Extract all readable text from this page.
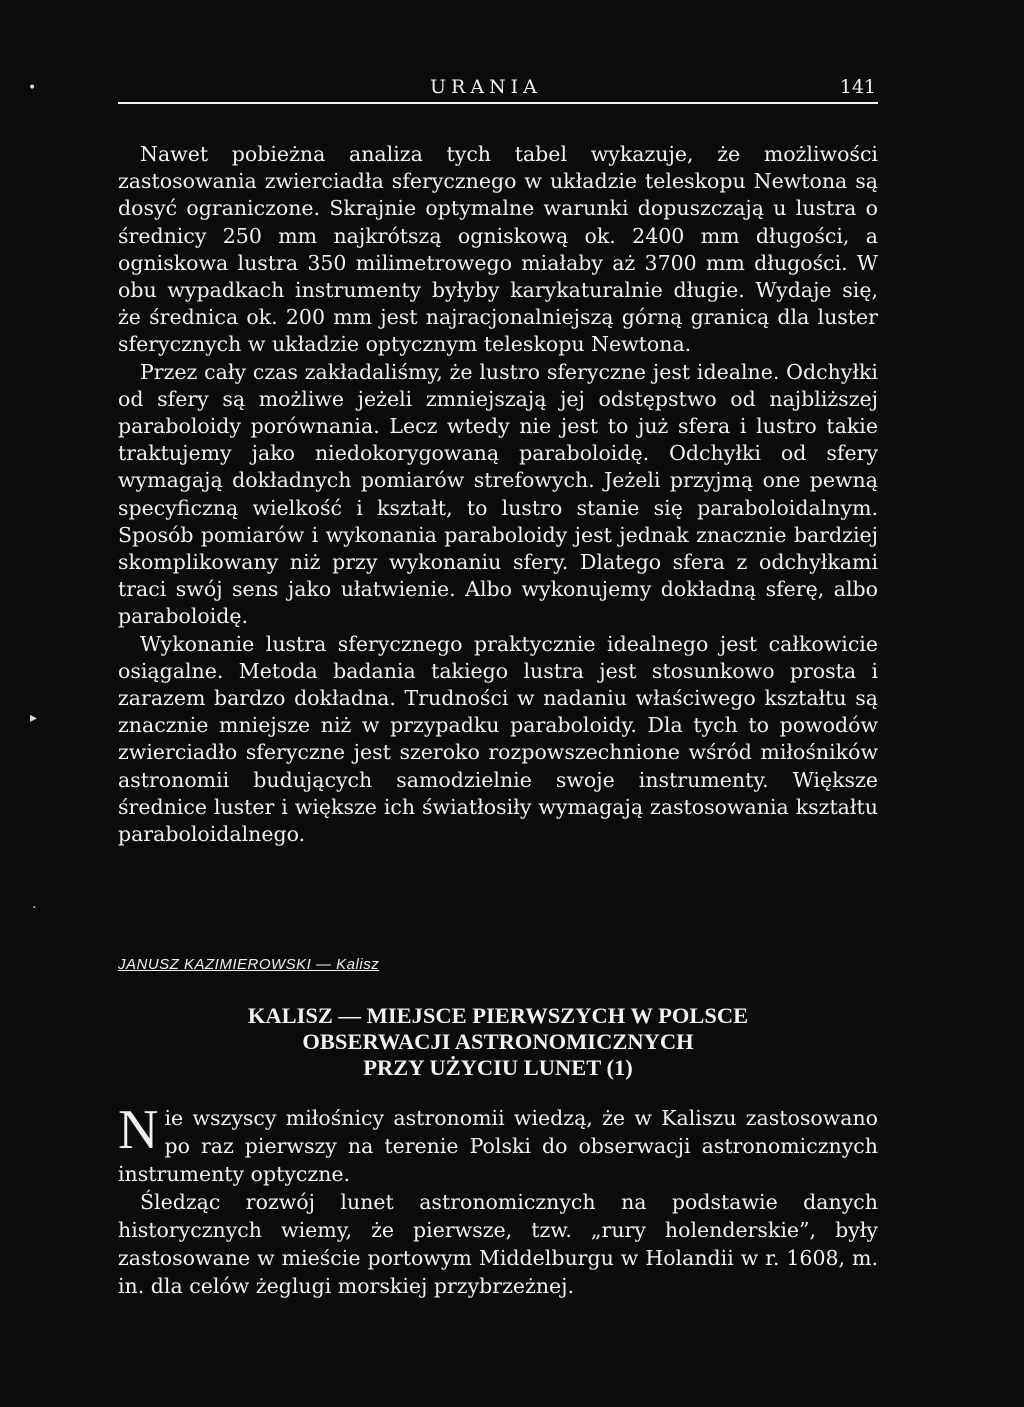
URANIA	141

Nawet pobieżna analiza tych tabel wykazuje, że możliwości zastosowania zwierciadła sferycznego w układzie teleskopu Newtona są dosyć ograniczone. Skrajnie optymalne warunki dopuszczają u lustra o średnicy 250 mm najkrótszą ogniskową ok. 2400 mm długości, a ogniskowa lustra 350 milimetrowego miałaby aż 3700 mm długości. W obu wypadkach instrumenty byłyby karykaturalnie długie. Wydaje się, że średnica ok. 200 mm jest najracjonalniejszą górną granicą dla luster sferycznych w układzie optycznym teleskopu Newtona.

Przez cały czas zakładaliśmy, że lustro sferyczne jest idealne. Odchyłki od sfery są możliwe jeżeli zmniejszają jej odstępstwo od najbliższej paraboloidy porównania. Lecz wtedy nie jest to już sfera i lustro takie traktujemy jako niedokorygowaną paraboloidę. Odchyłki od sfery wymagają dokładnych pomiarów strefowych. Jeżeli przyjmą one pewną specyficzną wielkość i kształt, to lustro stanie się paraboloidalnym. Sposób pomiarów i wykonania paraboloidy jest jednak znacznie bardziej skomplikowany niż przy wykonaniu sfery. Dlatego sfera z odchyłkami traci swój sens jako ułatwienie. Albo wykonujemy dokładną sferę, albo paraboloidę.

Wykonanie lustra sferycznego praktycznie idealnego jest całkowicie osiągalne. Metoda badania takiego lustra jest stosunkowo prosta i zarazem bardzo dokładna. Trudności w nadaniu właściwego kształtu są znacznie mniejsze niż w przypadku paraboloidy. Dla tych to powodów zwierciadło sferyczne jest szeroko rozpowszechnione wśród miłośników astronomii budujących samodzielnie swoje instrumenty. Większe średnice luster i większe ich światłosiły wymagają zastosowania kształtu paraboloidalnego.

JANUSZ KAZIMIEROWSKI — Kalisz
KALISZ — MIEJSCE PIERWSZYCH W POLSCE
OBSERWACJI ASTRONOMICZNYCH
PRZY UŻYCIU LUNET (1)

Nie wszyscy miłośnicy astronomii wiedzą, że w Kaliszu zastosowano po raz pierwszy na terenie Polski do obserwacji astronomicznych instrumenty optyczne.

Śledząc rozwój lunet astronomicznych na podstawie danych historycznych wiemy, że pierwsze, tzw. „rury holenderskie”, były zastosowane w mieście portowym Middelburgu w Holandii w r. 1608, m. in. dla celów żeglugi morskiej przybrzeżnej.

•
▸
·
